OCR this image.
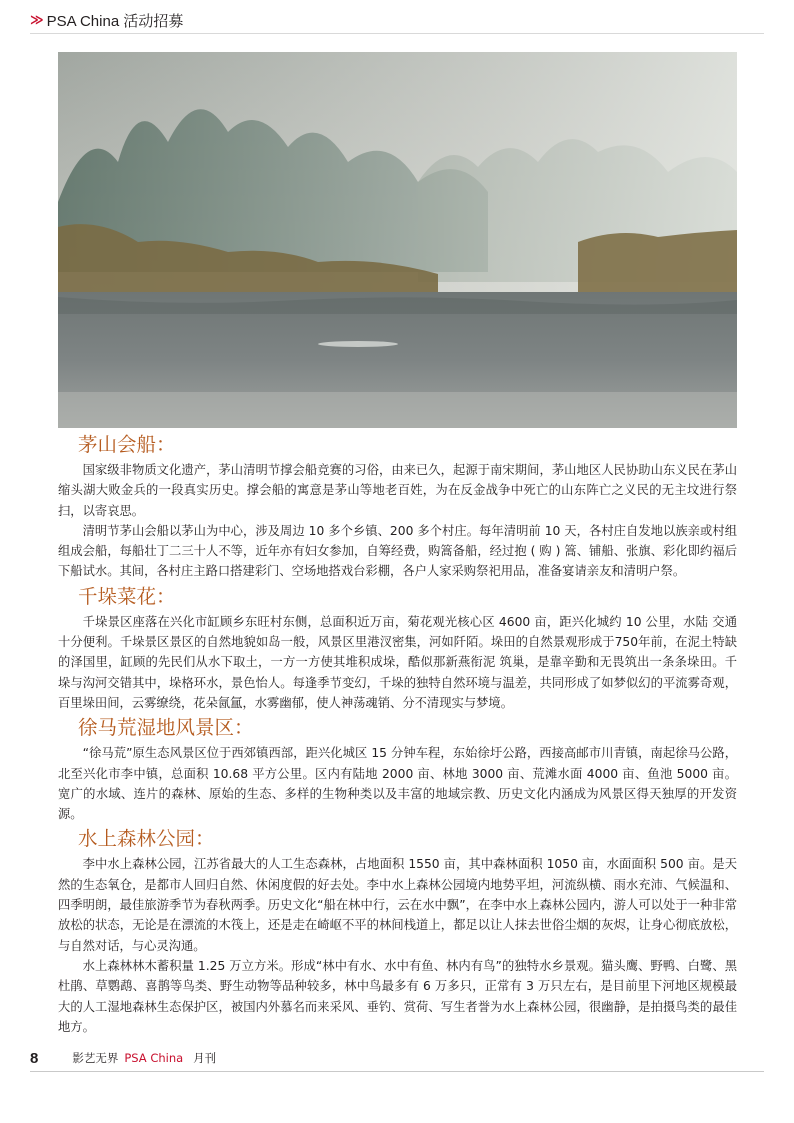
≫ PSA China 活动招募
茅山会船：

国家级非物质文化遗产，茅山清明节撑会船竞赛的习俗，由来已久，起源于南宋期间，茅山地区人民协助山东义民在茅山缩头湖大败金兵的一段真实历史。撑会船的寓意是茅山等地老百姓，为在反金战争中死亡的山东阵亡之义民的无主坟进行祭扫，以寄哀思。

清明节茅山会船以茅山为中心，涉及周边 10 多个乡镇、200 多个村庄。每年清明前 10 天，各村庄自发地以族亲或村组组成会船，每船壮丁二三十人不等，近年亦有妇女参加，自筹经费，购篙备船，经过抱 ( 购 ) 篙、铺船、张旗、彩化即约福后下船试水。其间，各村庄主路口搭建彩门、空场地搭戏台彩棚，各户人家采购祭祀用品，准备宴请亲友和清明户祭。

千垛菜花：

千垛景区座落在兴化市缸顾乡东旺村东侧，总面积近万亩，菊花观光核心区 4600 亩，距兴化城约 10 公里，水陆 交通十分便利。千垛景区景区的自然地貌如岛一般，风景区里港汊密集，河如阡陌。垛田的自然景观形成于750年前，在泥土特缺的泽国里，缸顾的先民们从水下取土，一方一方使其堆积成垛，酷似那新燕衔泥 筑巢，是靠辛勤和无畏筑出一条条垛田。千垛与沟河交错其中，垛格环水，景色怡人。每逢季节变幻，千垛的独特自然环境与温差，共同形成了如梦似幻的平流雾奇观，百里垛田间，云雾缭绕，花朵氤氲，水雾幽郁，使人神荡魂销、分不清现实与梦境。

徐马荒湿地风景区：

“徐马荒”原生态风景区位于西郊镇西部，距兴化城区 15 分钟车程，东始徐圩公路，西接高邮市川青镇，南起徐马公路，北至兴化市李中镇，总面积 10.68 平方公里。区内有陆地 2000 亩、林地 3000 亩、荒滩水面 4000 亩、鱼池 5000 亩。宽广的水域、连片的森林、原始的生态、多样的生物种类以及丰富的地域宗教、历史文化内涵成为风景区得天独厚的开发资源。

水上森林公园：

李中水上森林公园，江苏省最大的人工生态森林，占地面积 1550 亩，其中森林面积 1050 亩，水面面积 500 亩。是天然的生态氧仓，是都市人回归自然、休闲度假的好去处。李中水上森林公园境内地势平坦，河流纵横、雨水充沛、气候温和、四季明朗，最佳旅游季节为春秋两季。历史文化“船在林中行，云在水中飘”，在李中水上森林公园内，游人可以处于一种非常放松的状态，无论是在漂流的木筏上，还是走在崎岖不平的林间栈道上，都足以让人抹去世俗尘烟的灰烬，让身心彻底放松，与自然对话，与心灵沟通。

水上森林林木蓄积量 1.25 万立方米。形成“林中有水、水中有鱼、林内有鸟”的独特水乡景观。猫头鹰、野鸭、白鹭、黑杜鹃、草鹦鹉、喜鹊等鸟类、野生动物等品种较多，林中鸟最多有 6 万多只，正常有 3 万只左右，是目前里下河地区规模最大的人工湿地森林生态保护区，被国内外慕名而来采风、垂钓、赏荷、写生者誉为水上森林公园，很幽静，是拍摄鸟类的最佳地方。

8	影艺无界 PSA China 月刊
